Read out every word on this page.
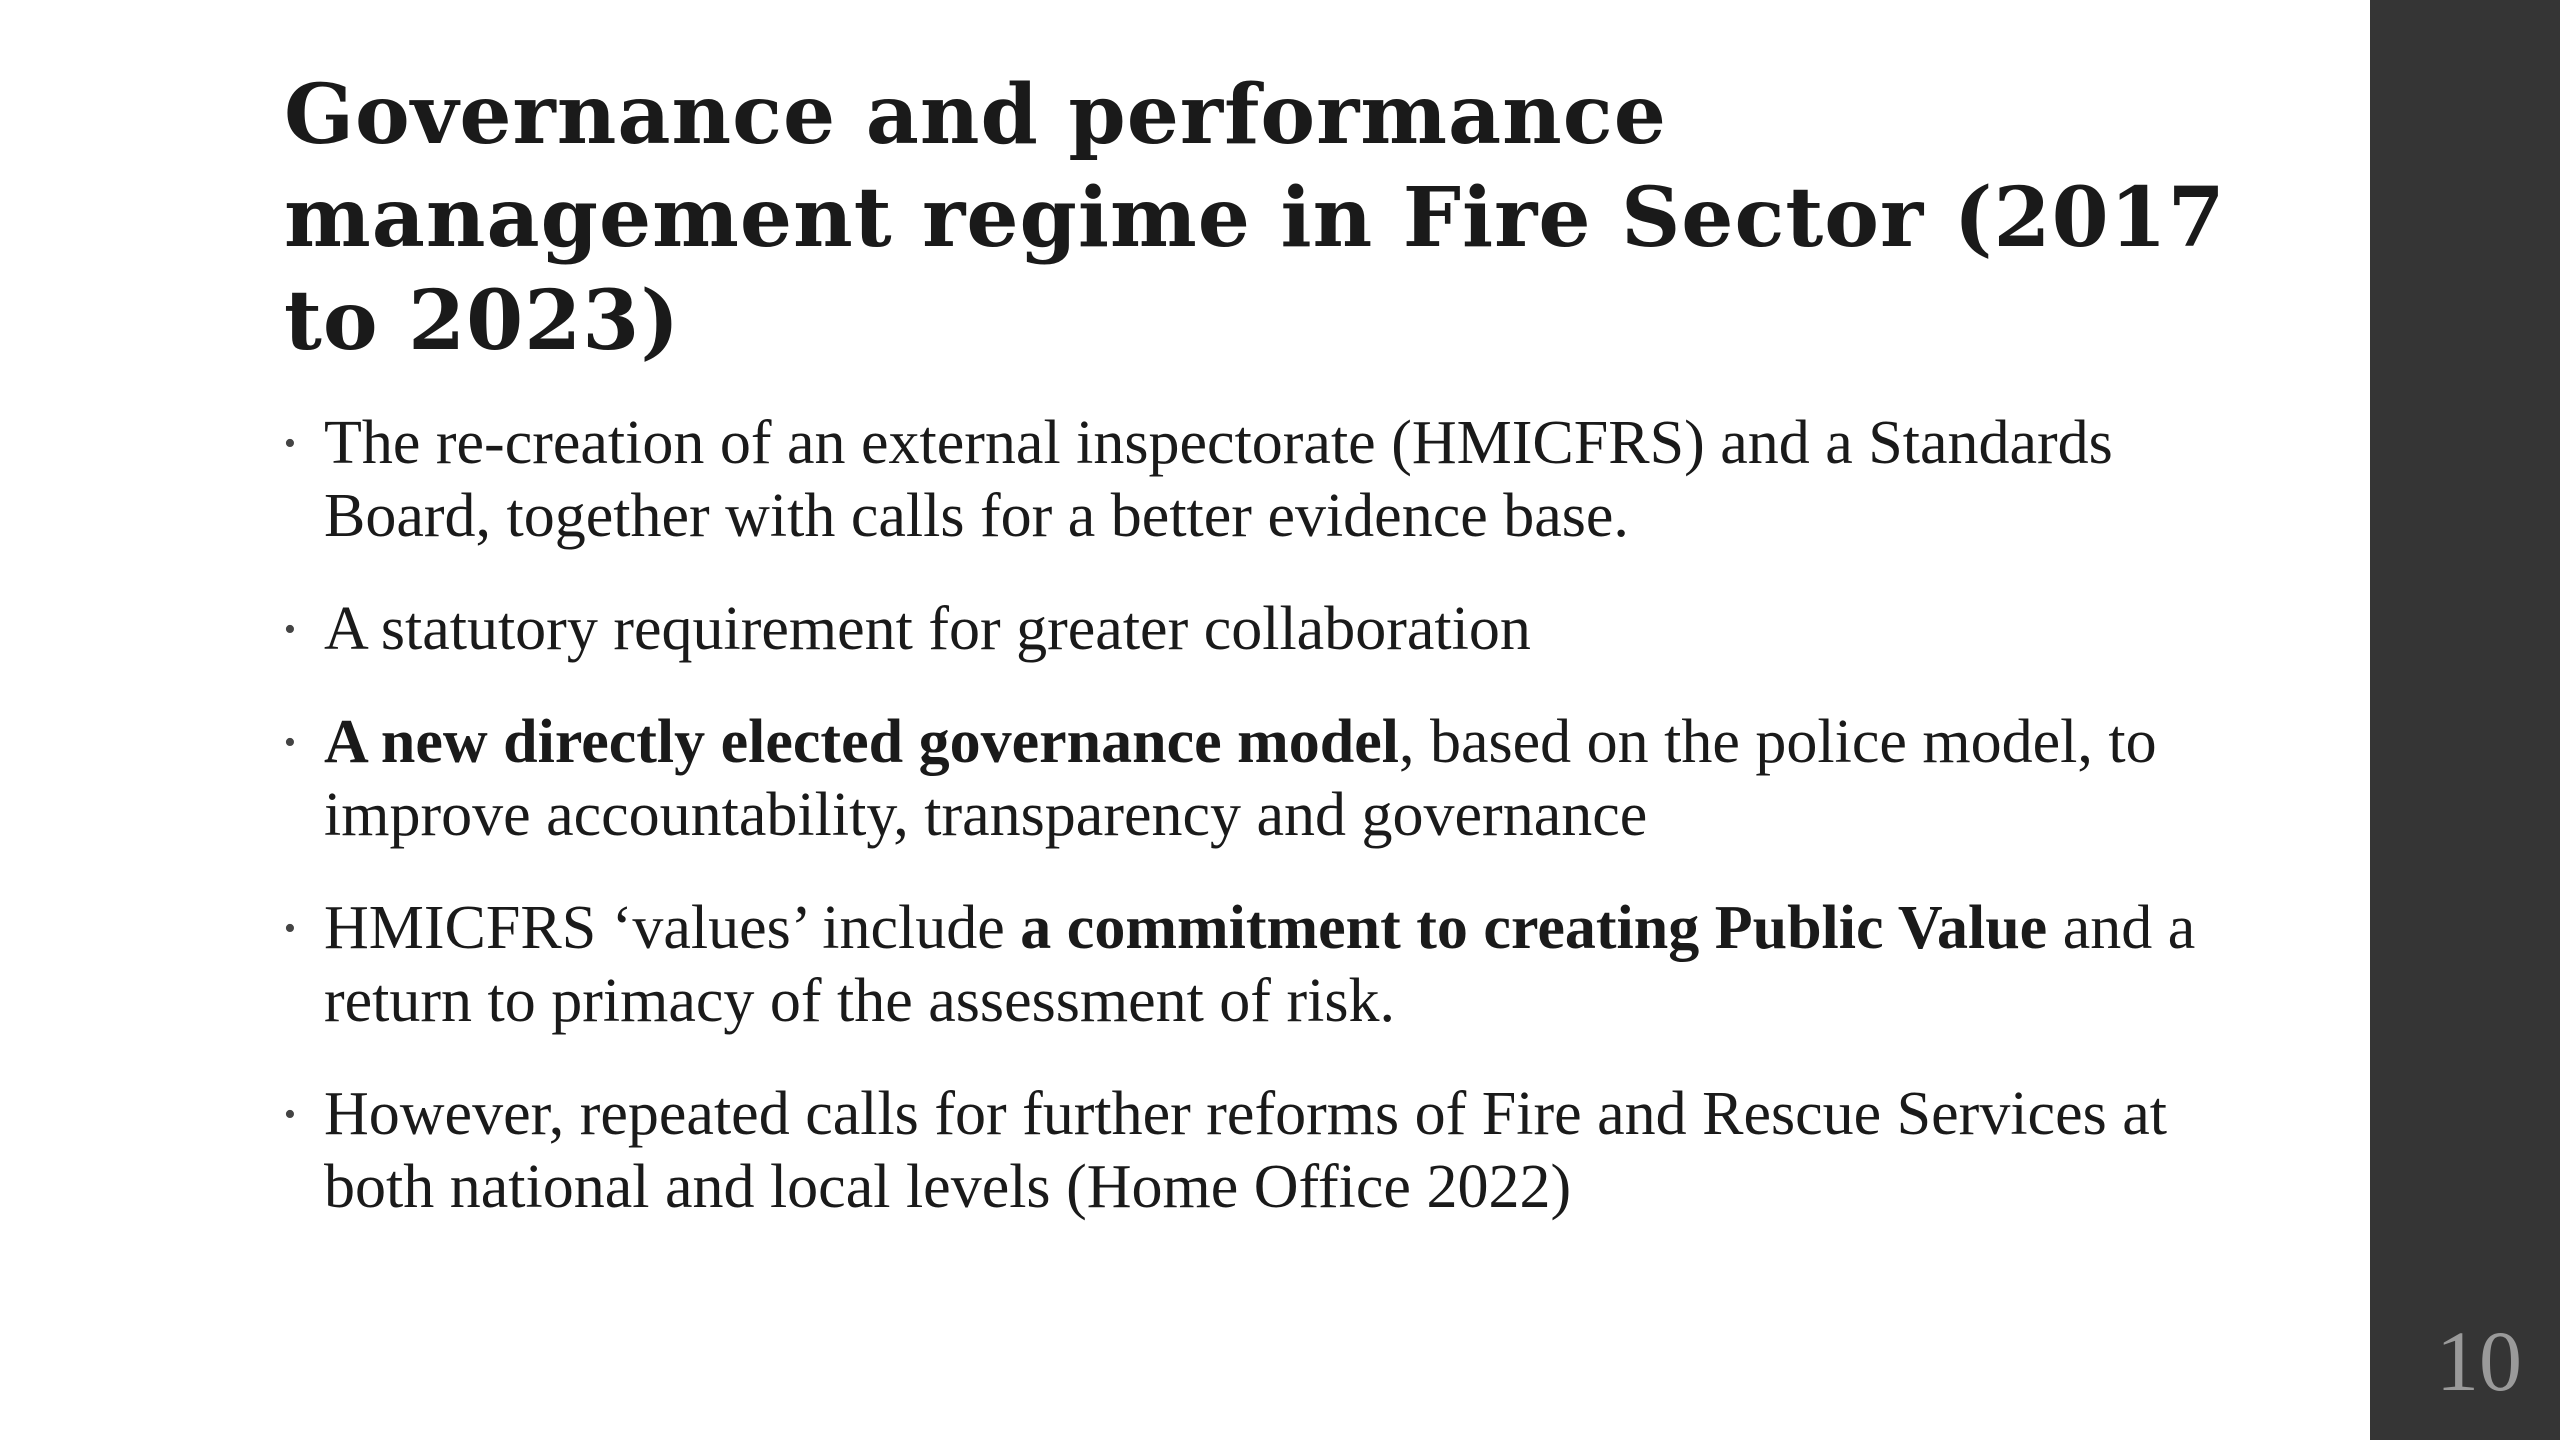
Governance and performance management regime in Fire Sector (2017 to 2023)
• The re-creation of an external inspectorate (HMICFRS) and a Standards Board, together with calls for a better evidence base.
• A statutory requirement for greater collaboration
• A new directly elected governance model, based on the police model, to improve accountability, transparency and governance
• HMICFRS ‘values’ include a commitment to creating Public Value and a return to primacy of the assessment of risk.
• However, repeated calls for further reforms of Fire and Rescue Services at both national and local levels (Home Office 2022)
10
